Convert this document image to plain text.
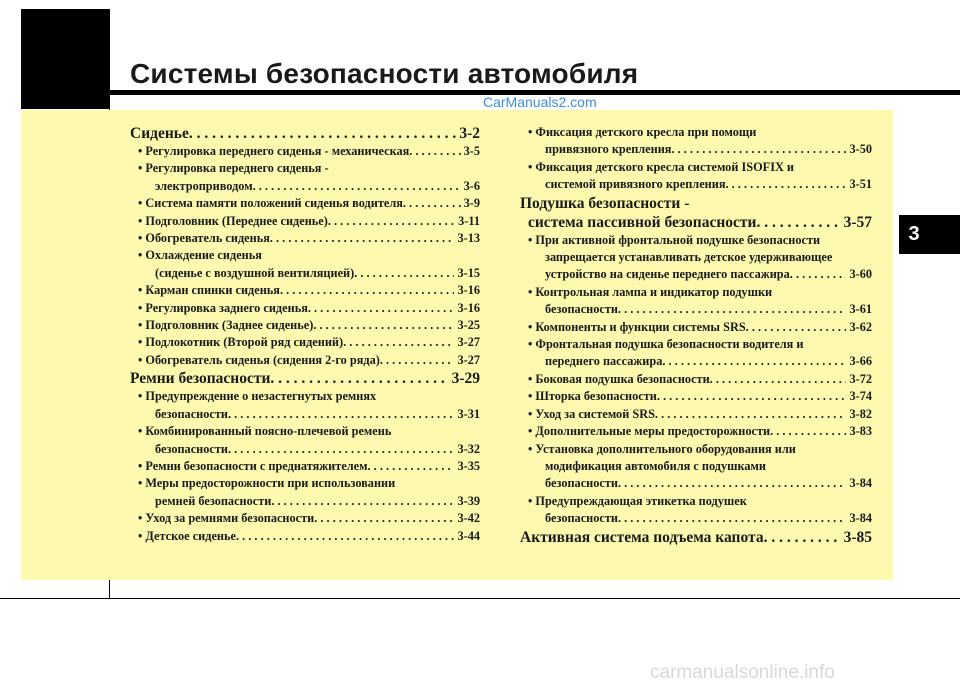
Системы безопасности автомобиля
CarManuals2.com
Сиденье . . .	3-2
• Регулировка переднего сиденья - механическая . . .	3-5
• Регулировка переднего сиденья -
электроприводом . . .	3-6
• Система памяти положений сиденья водителя . . .	3-9
• Подголовник (Переднее сиденье) . . .	3-11
• Обогреватель сиденья . . .	3-13
• Охлаждение сиденья
(сиденье с воздушной вентиляцией) . . .	3-15
• Карман спинки сиденья . . .	3-16
• Регулировка заднего сиденья . . .	3-16
• Подголовник (Заднее сиденье) . . .	3-25
• Подлокотник (Второй ряд сидений) . . .	3-27
• Обогреватель сиденья (сидения 2-го ряда) . . .	3-27
Ремни безопасности . . .	3-29
• Предупреждение о незастегнутых ремнях
безопасности . . .	3-31
• Комбинированный поясно-плечевой ремень
безопасности . . .	3-32
• Ремни безопасности с преднатяжителем . . .	3-35
• Меры предосторожности при использовании
ремней безопасности . . .	3-39
• Уход за ремнями безопасности . . .	3-42
• Детское сиденье . . .	3-44
• Фиксация детского кресла при помощи
привязного крепления . . .	3-50
• Фиксация детского кресла системой ISOFIX и
системой привязного крепления . . .	3-51
Подушка безопасности -
система пассивной безопасности . . .	3-57
• При активной фронтальной подушке безопасности
запрещается устанавливать детское удерживающее
устройство на сиденье переднего пассажира . . .	3-60
• Контрольная лампа и индикатор подушки
безопасности . . .	3-61
• Компоненты и функции системы SRS . . .	3-62
• Фронтальная подушка безопасности водителя и
переднего пассажира . . .	3-66
• Боковая подушка безопасности . . .	3-72
• Шторка безопасности . . .	3-74
• Уход за системой SRS . . .	3-82
• Дополнительные меры предосторожности . . .	3-83
• Установка дополнительного оборудования или
модификация автомобиля с подушками
безопасности . . .	3-84
• Предупреждающая этикетка подушек
безопасности . . .	3-84
Активная система подъема капота . . .	3-85
3
carmanualsonline.info
